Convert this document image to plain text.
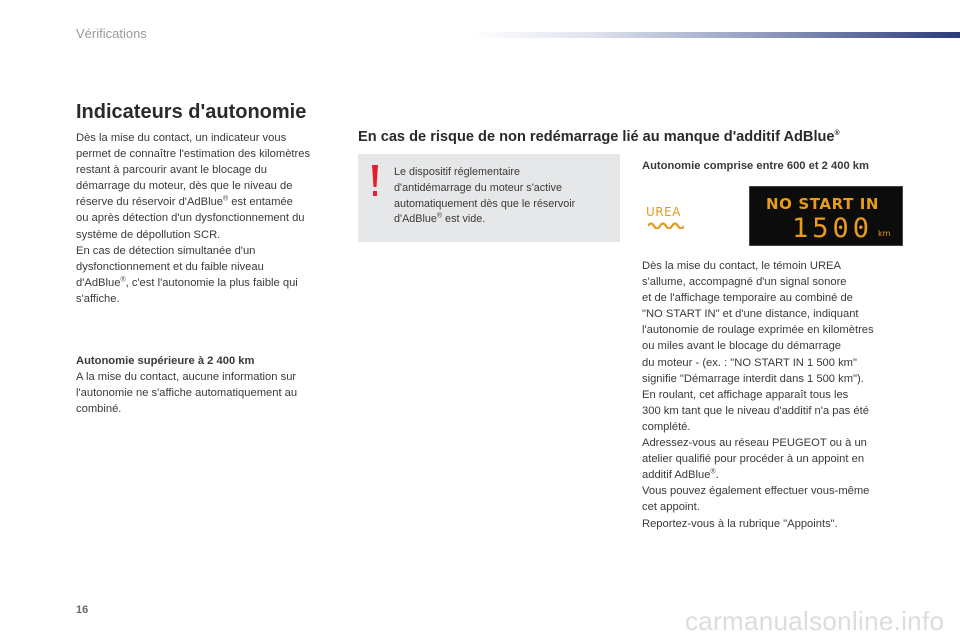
Vérifications
Indicateurs d'autonomie
Dès la mise du contact, un indicateur vous
permet de connaître l'estimation des kilomètres
restant à parcourir avant le blocage du
démarrage du moteur, dès que le niveau de
réserve du réservoir d'AdBlue® est entamée
ou après détection d'un dysfonctionnement du
système de dépollution SCR.
En cas de détection simultanée d'un
dysfonctionnement et du faible niveau
d'AdBlue®, c'est l'autonomie la plus faible qui
s'affiche.
Autonomie supérieure à 2 400 km
A la mise du contact, aucune information sur
l'autonomie ne s'affiche automatiquement au
combiné.
En cas de risque de non redémarrage lié au manque d'additif AdBlue®
Le dispositif réglementaire
d'antidémarrage du moteur s'active
automatiquement dès que le réservoir
d'AdBlue® est vide.
Autonomie comprise entre 600 et 2 400 km
UREA	NO START IN
1500 km
Dès la mise du contact, le témoin UREA
s'allume, accompagné d'un signal sonore
et de l'affichage temporaire au combiné de
"NO START IN" et d'une distance, indiquant
l'autonomie de roulage exprimée en kilomètres
ou miles avant le blocage du démarrage
du moteur - (ex. : "NO START IN 1 500 km"
signifie "Démarrage interdit dans 1 500 km").
En roulant, cet affichage apparaît tous les
300 km tant que le niveau d'additif n'a pas été
complété.
Adressez-vous au réseau PEUGEOT ou à un
atelier qualifié pour procéder à un appoint en
additif AdBlue®.
Vous pouvez également effectuer vous-même
cet appoint.
Reportez-vous à la rubrique "Appoints".
16	carmanualsonline.info
